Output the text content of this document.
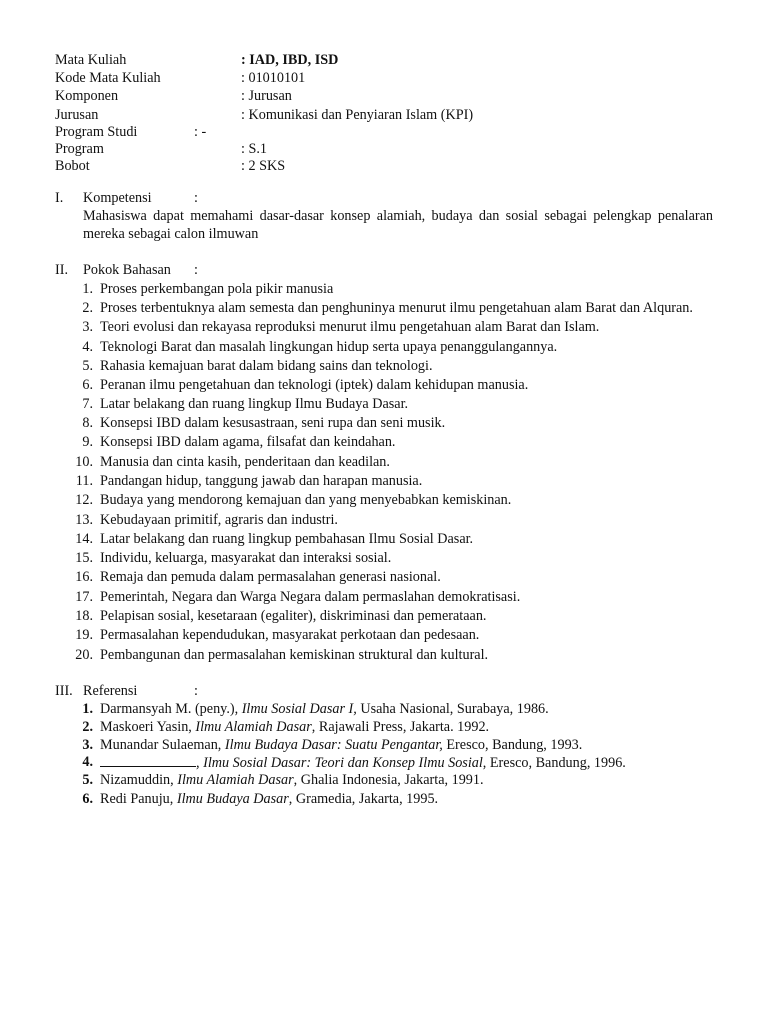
Mata Kuliah	: IAD, IBD, ISD
Kode Mata Kuliah	: 01010101
Komponen	: Jurusan
Jurusan	: Komunikasi dan Penyiaran Islam (KPI)
Program Studi	: -
Program	: S.1
Bobot	: 2 SKS
I. Kompetensi	:
Mahasiswa dapat memahami dasar-dasar konsep alamiah, budaya dan sosial sebagai pelengkap penalaran mereka sebagai calon ilmuwan
II. Pokok Bahasan :
1. Proses perkembangan pola pikir manusia
2. Proses terbentuknya alam semesta dan penghuninya menurut ilmu pengetahuan alam Barat dan Alquran.
3. Teori evolusi dan rekayasa reproduksi menurut ilmu pengetahuan alam Barat dan Islam.
4. Teknologi Barat dan masalah lingkungan hidup serta upaya penanggulangannya.
5. Rahasia kemajuan barat dalam bidang sains dan teknologi.
6. Peranan ilmu pengetahuan dan teknologi (iptek) dalam kehidupan manusia.
7. Latar belakang dan ruang lingkup Ilmu Budaya Dasar.
8. Konsepsi IBD dalam kesusastraan, seni rupa dan seni musik.
9. Konsepsi IBD dalam agama, filsafat dan keindahan.
10. Manusia dan cinta kasih, penderitaan dan keadilan.
11. Pandangan hidup, tanggung jawab dan harapan manusia.
12. Budaya yang mendorong kemajuan dan yang menyebabkan kemiskinan.
13. Kebudayaan primitif, agraris dan industri.
14. Latar belakang dan ruang lingkup pembahasan Ilmu Sosial Dasar.
15. Individu, keluarga, masyarakat dan interaksi sosial.
16. Remaja dan pemuda dalam permasalahan generasi nasional.
17. Pemerintah, Negara dan Warga Negara dalam permaslahan demokratisasi.
18. Pelapisan sosial, kesetaraan (egaliter), diskriminasi dan pemerataan.
19. Permasalahan kependudukan, masyarakat perkotaan dan pedesaan.
20. Pembangunan dan permasalahan kemiskinan struktural dan kultural.
III. Referensi	:
1. Darmansyah M. (peny.), Ilmu Sosial Dasar I, Usaha Nasional, Surabaya, 1986.
2. Maskoeri Yasin, Ilmu Alamiah Dasar, Rajawali Press, Jakarta. 1992.
3. Munandar Sulaeman, Ilmu Budaya Dasar: Suatu Pengantar, Eresco, Bandung, 1993.
4.	, Ilmu Sosial Dasar: Teori dan Konsep Ilmu Sosial, Eresco, Bandung, 1996.
5. Nizamuddin, Ilmu Alamiah Dasar, Ghalia Indonesia, Jakarta, 1991.
6. Redi Panuju, Ilmu Budaya Dasar, Gramedia, Jakarta, 1995.
